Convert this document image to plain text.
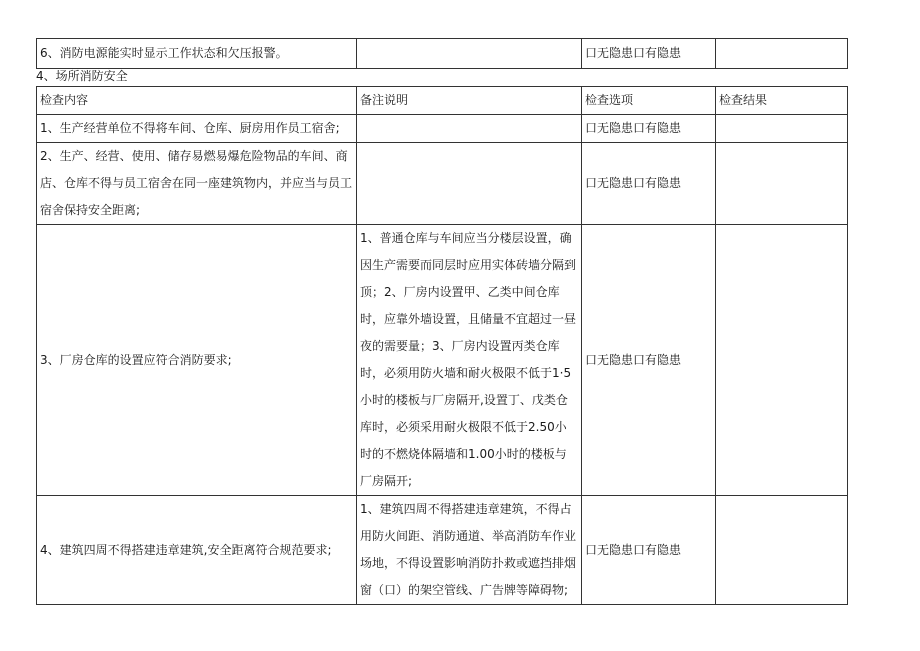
6、消防电源能实时显示工作状态和欠压报警。		口无隐患口有隐患	
4、场所消防安全
检查内容	备注说明	检查选项	检查结果
1、生产经营单位不得将车间、仓库、厨房用作员工宿舍;		口无隐患口有隐患	
2、生产、经营、使用、储存易燃易爆危险物品的车间、商店、仓库不得与员工宿舍在同一座建筑物内，并应当与员工宿舍保持安全距离;		口无隐患口有隐患	
3、厂房仓库的设置应符合消防要求;	1、普通仓库与车间应当分楼层设置，确因生产需要而同层时应用实体砖墙分隔到顶；2、厂房内设置甲、乙类中间仓库时，应靠外墙设置，且储量不宜超过一昼夜的需要量；3、厂房内设置丙类仓库时，必须用防火墙和耐火极限不低于1·5小时的楼板与厂房隔开,设置丁、戊类仓库时，必须采用耐火极限不低于2.50小时的不燃烧体隔墙和1.00小时的楼板与厂房隔开;	口无隐患口有隐患	
4、建筑四周不得搭建违章建筑,安全距离符合规范要求;	1、建筑四周不得搭建违章建筑，不得占用防火间距、消防通道、举高消防车作业场地，不得设置影响消防扑救或遮挡排烟窗（口）的架空管线、广告牌等障碍物;	口无隐患口有隐患	
